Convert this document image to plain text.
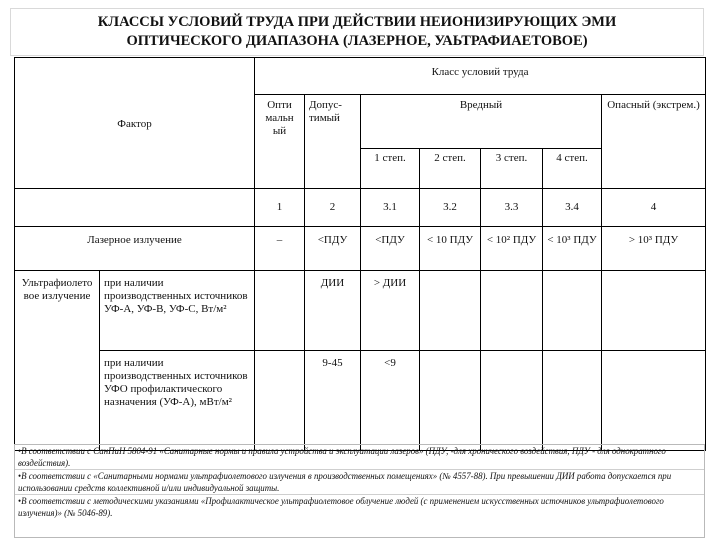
КЛАССЫ УСЛОВИЙ ТРУДА ПРИ ДЕЙСТВИИ НЕИОНИЗИРУЮЩИХ ЭМИ
ОПТИЧЕСКОГО ДИАПАЗОНА (ЛАЗЕРНОЕ, УАЬТРАФИАЕТОВОЕ)
Фактор		Класс условий труда						
		Опти мальн ый	Допус- тимый	Вредный				Опасный (экстрем.)
				1 степ.	2 степ.	3 степ.	4 степ.	
		1	2	3.1	3.2	3.3	3.4	4
Лазерное излучение		–	<ПДУ	<ПДУ	< 10 ПДУ	< 10² ПДУ	< 10³ ПДУ	> 10³ ПДУ
Ультрафиолетовое излучение	при наличии производственных источников УФ-А, УФ-В, УФ-С, Вт/м²		ДИИ	> ДИИ				
	при наличии производственных источников УФО профилактического назначения (УФ-А), мВт/м²		9-45	<9				
•В соответствии с СанПиН 5804-91 «Санитарные нормы и правила устройства и эксплуатации лазеров» (ПДУ, -для хронического воздействия, ПДУ - для однократного воздействия).
•В соответствии с «Санитарными нормами ультрафиолетового излучения в производственных помещениях» (№ 4557-88). При превышении ДИИ работа допускается при использовании средств коллективной и/или индивидуальной защиты.
•В соответствии с методическими указаниями «Профилактическое ультрафиолетовое облучение людей (с применением искусственных источников ультрафиолетового излучения)» (№ 5046-89).
